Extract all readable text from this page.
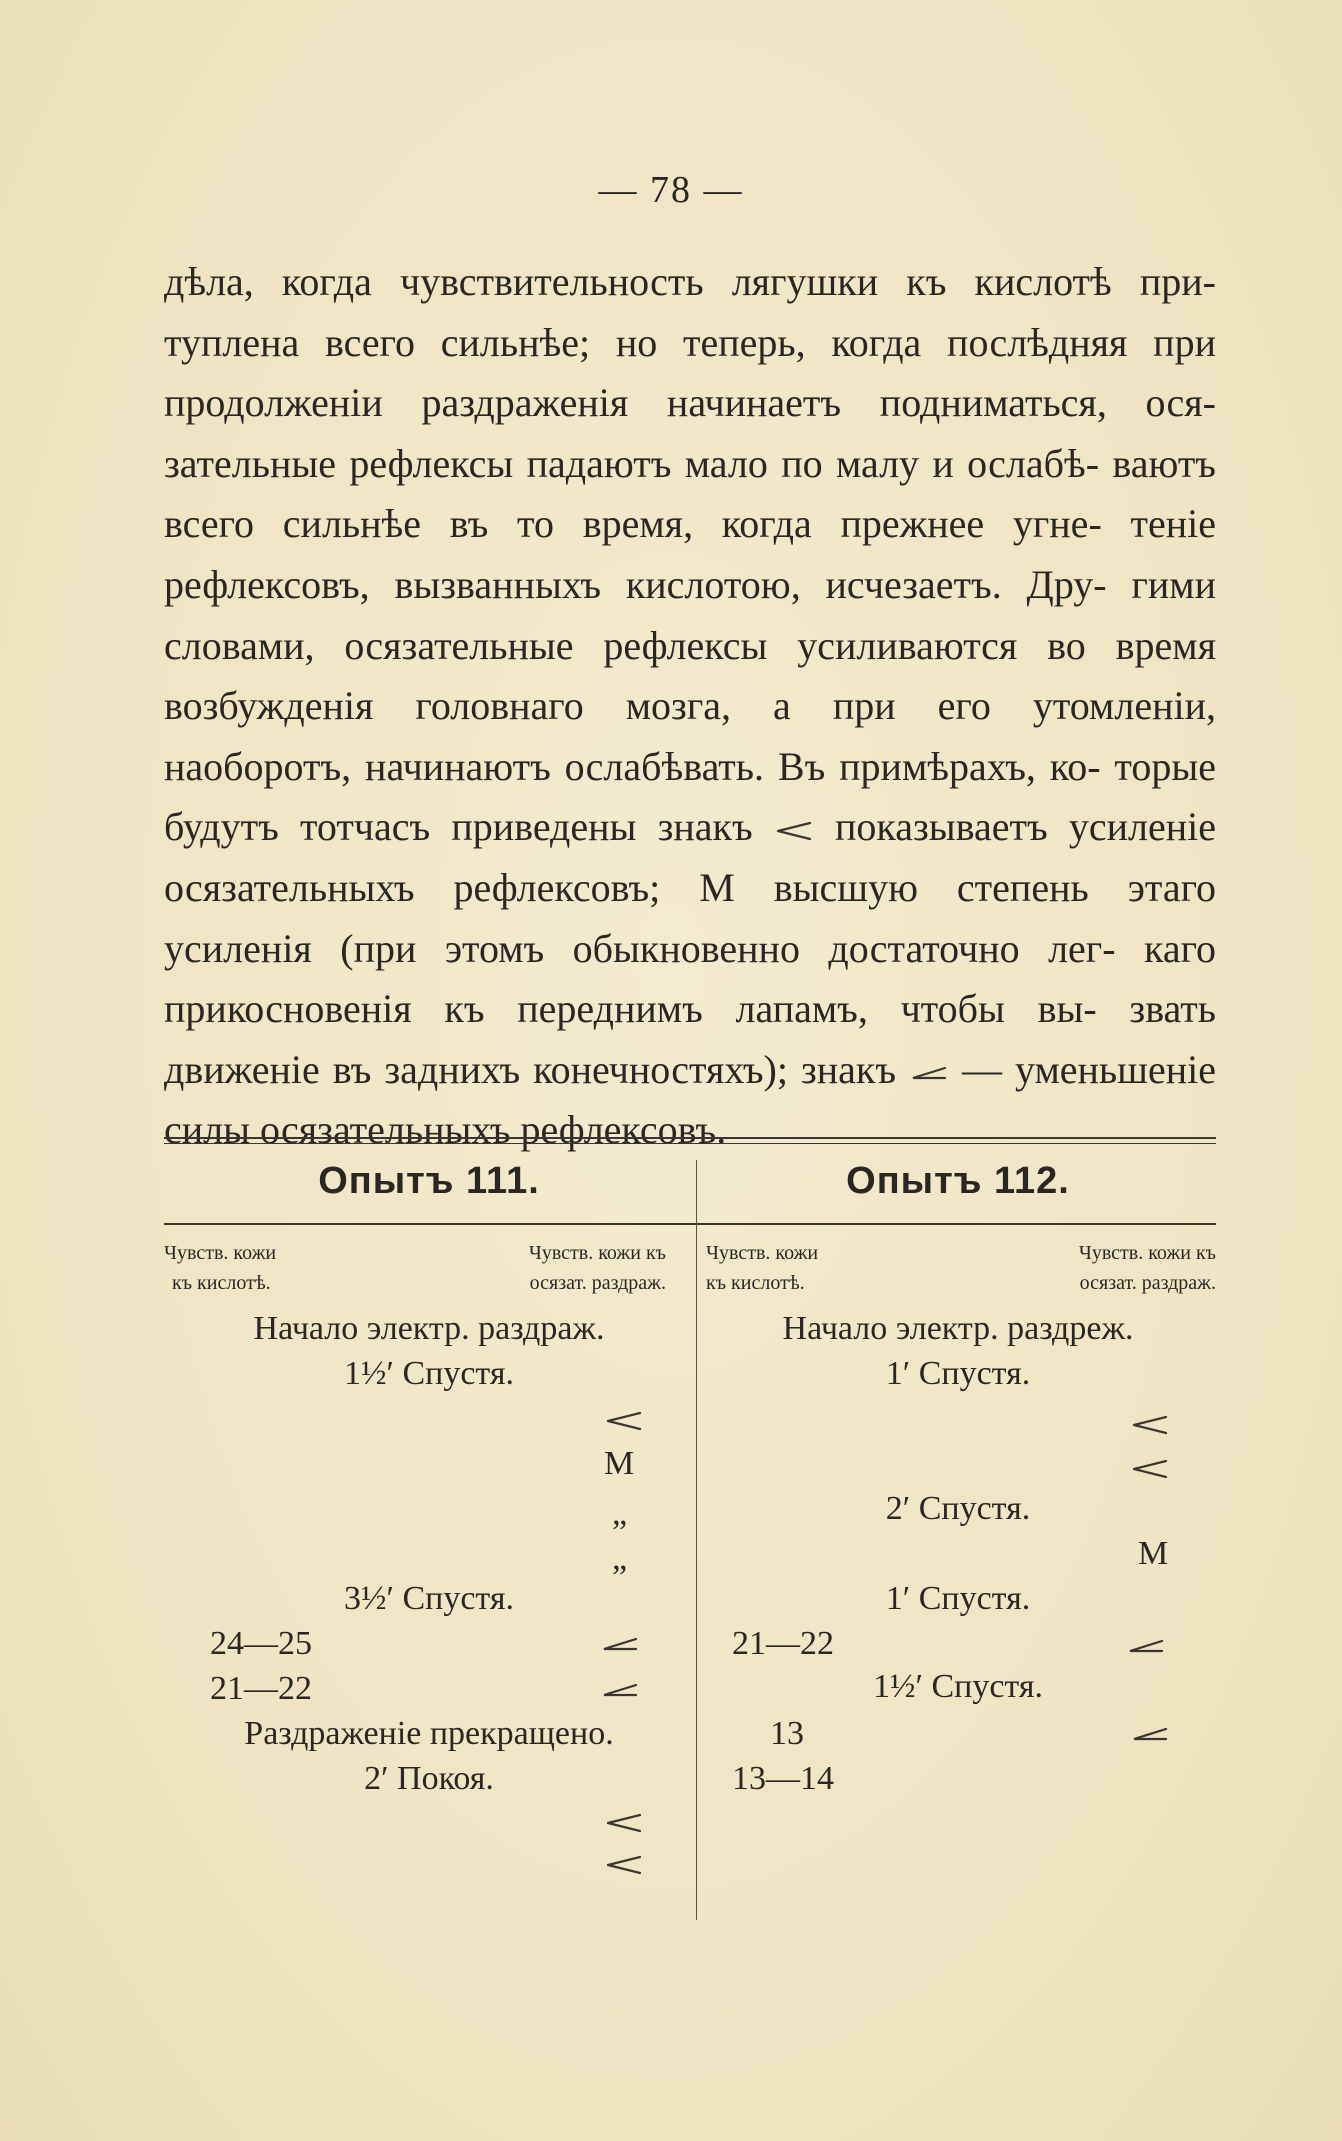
— 78 —

дѣла, когда чувствительность лягушки къ кислотѣ при- туплена всего сильнѣе; но теперь, когда послѣдняя при продолженіи раздраженія начинаетъ подниматься, ося- зательные рефлексы падаютъ мало по малу и ослабѣ- ваютъ всего сильнѣе въ то время, когда прежнее угне- теніе рефлексовъ, вызванныхъ кислотою, исчезаетъ. Дру- гими словами, осязательные рефлексы усиливаются во время возбужденія головнаго мозга, а при его утомленіи, наоборотъ, начинаютъ ослабѣвать. Въ примѣрахъ, ко- торые будутъ тотчасъ приведены знакъ показываетъ усиленіе осязательныхъ рефлексовъ; М высшую степень этаго усиленія (при этомъ обыкновенно достаточно лег- каго прикосновенія къ переднимъ лапамъ, чтобы вы- звать движеніе въ заднихъ конечностяхъ); знакъ — уменьшеніе силы осязательныхъ рефлексовъ.

Опытъ 111.
Чувств. кожи
къ кислотѣ.
Чувств. кожи къ
осязат. раздраж.
Начало электр. раздраж.
1½′ Спустя.
М
„
„
3½′ Спустя.
24—25
21—22
Раздраженіе прекращено.
2′ Покоя.
Опытъ 112.
Чувств. кожи
къ кислотѣ.
Чувств. кожи къ
осязат. раздраж.
Начало электр. раздреж.
1′ Спустя.
2′ Спустя.
М
1′ Спустя.
21—22
1½′ Спустя.
13
13—14
